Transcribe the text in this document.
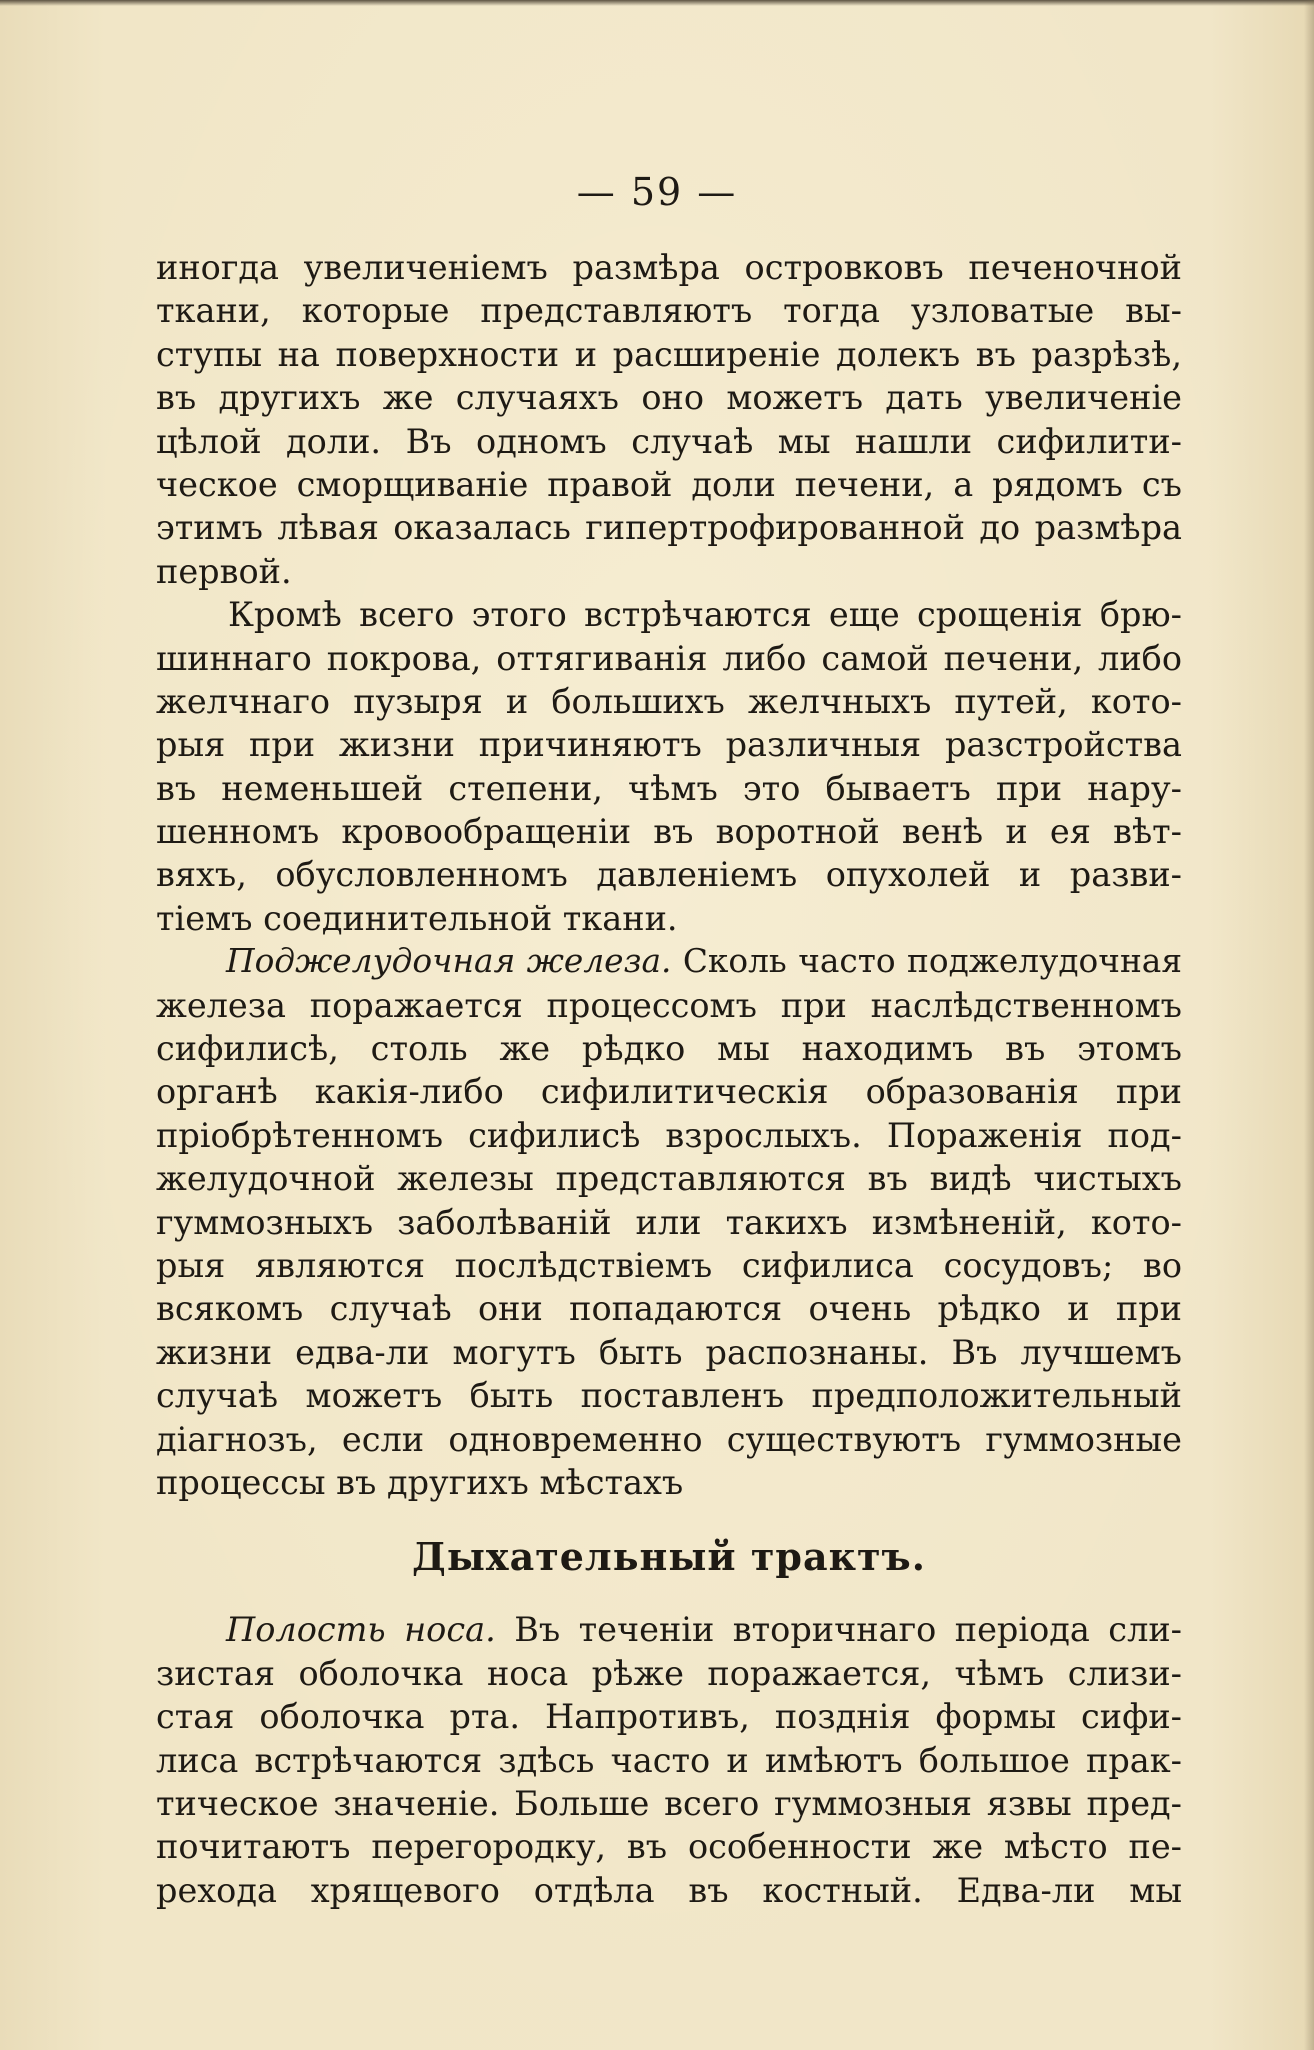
— 59 —
иногда увеличеніемъ размѣра островковъ печеночной
ткани, которые представляютъ тогда узловатые вы-
ступы на поверхности и расширеніе долекъ въ разрѣзѣ,
въ другихъ же случаяхъ оно можетъ дать увеличеніе
цѣлой доли. Въ одномъ случаѣ мы нашли сифилити-
ческое сморщиваніе правой доли печени, а рядомъ съ
этимъ лѣвая оказалась гипертрофированной до размѣра
первой.
Кромѣ всего этого встрѣчаются еще срощенія брю-
шиннаго покрова, оттягиванія либо самой печени, либо
желчнаго пузыря и большихъ желчныхъ путей, кото-
рыя при жизни причиняютъ различныя разстройства
въ неменьшей степени, чѣмъ это бываетъ при нару-
шенномъ кровообращеніи въ воротной венѣ и ея вѣт-
вяхъ, обусловленномъ давленіемъ опухолей и разви-
тіемъ соединительной ткани.
Поджелудочная железа. Сколь часто поджелудочная
железа поражается процессомъ при наслѣдственномъ
сифилисѣ, столь же рѣдко мы находимъ въ этомъ
органѣ какія-либо сифилитическія образованія при
пріобрѣтенномъ сифилисѣ взрослыхъ. Пораженія под-
желудочной железы представляются въ видѣ чистыхъ
гуммозныхъ заболѣваній или такихъ измѣненій, кото-
рыя являются послѣдствіемъ сифилиса сосудовъ; во
всякомъ случаѣ они попадаются очень рѣдко и при
жизни едва-ли могутъ быть распознаны. Въ лучшемъ
случаѣ можетъ быть поставленъ предположительный
діагнозъ, если одновременно существуютъ гуммозные
процессы въ другихъ мѣстахъ
Дыхательный трактъ.
Полость носа. Въ теченіи вторичнаго періода сли-
зистая оболочка носа рѣже поражается, чѣмъ слизи-
стая оболочка рта. Напротивъ, позднія формы сифи-
лиса встрѣчаются здѣсь часто и имѣютъ большое прак-
тическое значеніе. Больше всего гуммозныя язвы пред-
почитаютъ перегородку, въ особенности же мѣсто пе-
рехода хрящевого отдѣла въ костный. Едва-ли мы
